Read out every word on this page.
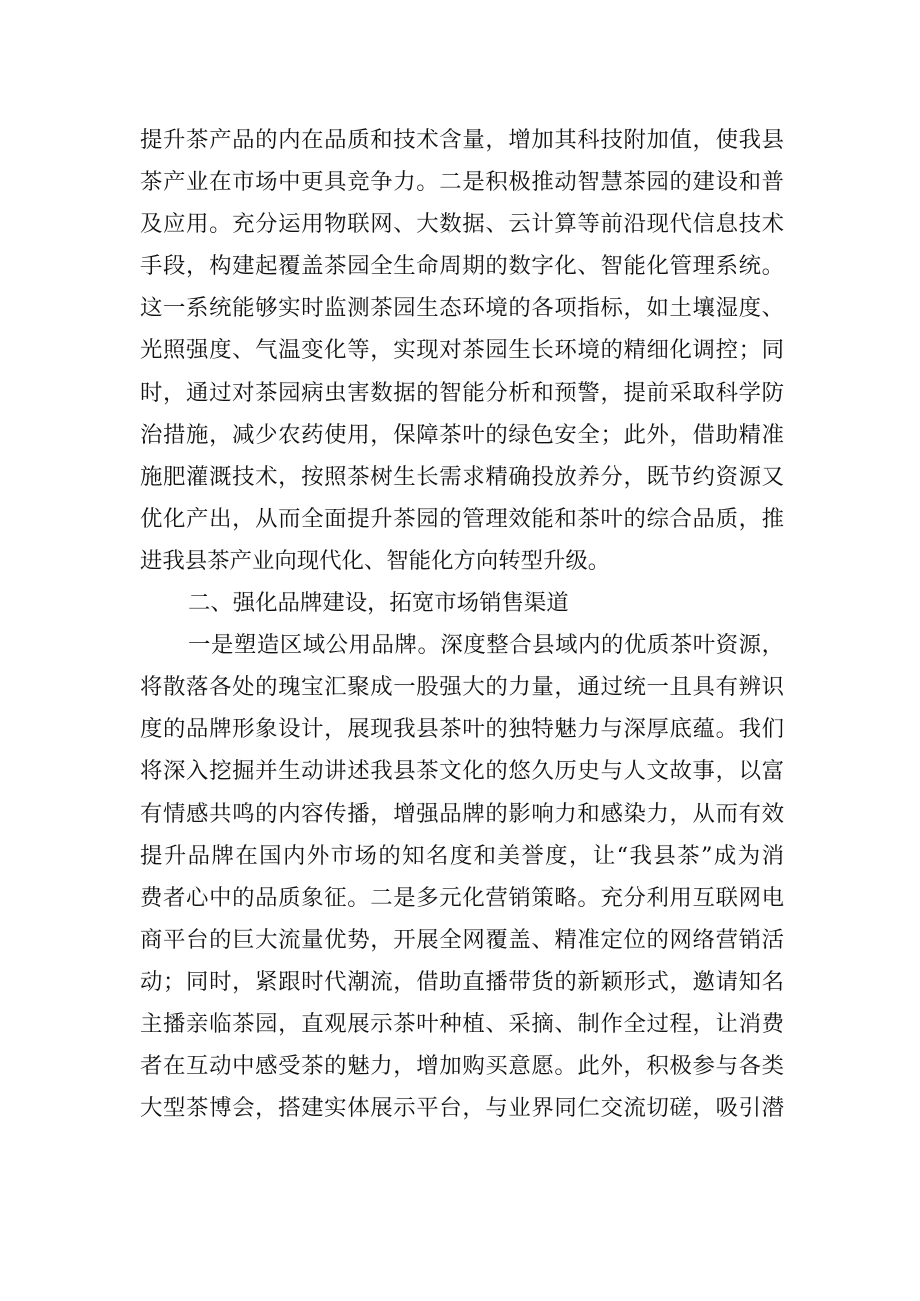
提升茶产品的内在品质和技术含量，增加其科技附加值，使我县
茶产业在市场中更具竞争力。二是积极推动智慧茶园的建设和普
及应用。充分运用物联网、大数据、云计算等前沿现代信息技术
手段，构建起覆盖茶园全生命周期的数字化、智能化管理系统。
这一系统能够实时监测茶园生态环境的各项指标，如土壤湿度、
光照强度、气温变化等，实现对茶园生长环境的精细化调控；同
时，通过对茶园病虫害数据的智能分析和预警，提前采取科学防
治措施，减少农药使用，保障茶叶的绿色安全；此外，借助精准
施肥灌溉技术，按照茶树生长需求精确投放养分，既节约资源又
优化产出，从而全面提升茶园的管理效能和茶叶的综合品质，推
进我县茶产业向现代化、智能化方向转型升级。
二、强化品牌建设，拓宽市场销售渠道
一是塑造区域公用品牌。深度整合县域内的优质茶叶资源，
将散落各处的瑰宝汇聚成一股强大的力量，通过统一且具有辨识
度的品牌形象设计，展现我县茶叶的独特魅力与深厚底蕴。我们
将深入挖掘并生动讲述我县茶文化的悠久历史与人文故事，以富
有情感共鸣的内容传播，增强品牌的影响力和感染力，从而有效
提升品牌在国内外市场的知名度和美誉度，让“我县茶”成为消
费者心中的品质象征。二是多元化营销策略。充分利用互联网电
商平台的巨大流量优势，开展全网覆盖、精准定位的网络营销活
动；同时，紧跟时代潮流，借助直播带货的新颖形式，邀请知名
主播亲临茶园，直观展示茶叶种植、采摘、制作全过程，让消费
者在互动中感受茶的魅力，增加购买意愿。此外，积极参与各类
大型茶博会，搭建实体展示平台，与业界同仁交流切磋，吸引潜
